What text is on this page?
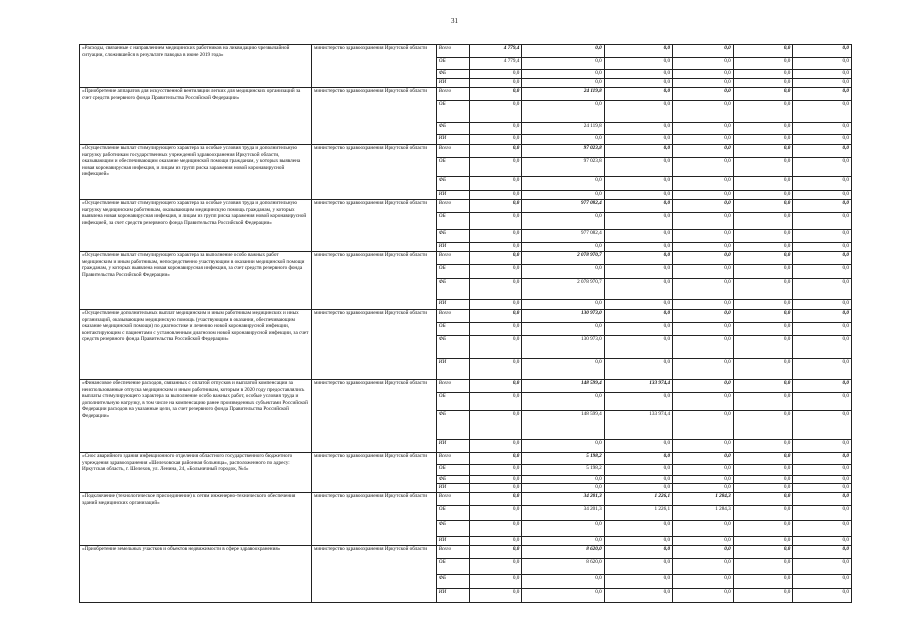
31
«Расходы, связанные с направлением медицинских работников на ликвидацию чрезвычайной ситуации, сложившейся в результате паводка в июне 2019 года»	министерство здравоохранения Иркутской области	Всего	4 779,4	0,0	0,0	0,0	0,0	0,0
		ОБ	4 779,4	0,0	0,0	0,0	0,0	0,0
		ФБ	0,0	0,0	0,0	0,0	0,0	0,0
		ИИ	0,0	0,0	0,0	0,0	0,0	0,0
«Приобретение аппаратов для искусственной вентиляции легких для медицинских организаций за счет средств резервного фонда Правительства Российской Федерации»	министерство здравоохранения Иркутской области	Всего	0,0	24 119,8	0,0	0,0	0,0	0,0
		ОБ	0,0	0,0	0,0	0,0	0,0	0,0
		ФБ	0,0	24 119,8	0,0	0,0	0,0	0,0
		ИИ	0,0	0,0	0,0	0,0	0,0	0,0
«Осуществление выплат стимулирующего характера за особые условия труда и дополнительную нагрузку работникам государственных учреждений здравоохранения Иркутской области, оказывающим и обеспечивающим оказание медицинской помощи гражданам, у которых выявлена новая коронавирусная инфекция, и лицам из групп риска заражения новой коронавирусной инфекцией»	министерство здравоохранения Иркутской области	Всего	0,0	97 023,8	0,0	0,0	0,0	0,0
		ОБ	0,0	97 023,8	0,0	0,0	0,0	0,0
		ФБ	0,0	0,0	0,0	0,0	0,0	0,0
		ИИ	0,0	0,0	0,0	0,0	0,0	0,0
«Осуществление выплат стимулирующего характера за особые условия труда и дополнительную нагрузку медицинским работникам, оказывающим медицинскую помощь гражданам, у которых выявлена новая коронавирусная инфекция, и лицам из групп риска заражения новой коронавирусной инфекцией, за счет средств резервного фонда Правительства Российской Федерации»	министерство здравоохранения Иркутской области	Всего	0,0	977 082,4	0,0	0,0	0,0	0,0
		ОБ	0,0	0,0	0,0	0,0	0,0	0,0
		ФБ	0,0	977 082,4	0,0	0,0	0,0	0,0
		ИИ	0,0	0,0	0,0	0,0	0,0	0,0
«Осуществление выплат стимулирующего характера за выполнение особо важных работ медицинским и иным работникам, непосредственно участвующим в оказании медицинской помощи гражданам, у которых выявлена новая коронавирусная инфекция, за счет средств резервного фонда Правительства Российской Федерации»	министерство здравоохранения Иркутской области	Всего	0,0	2 078 970,7	0,0	0,0	0,0	0,0
		ОБ	0,0	0,0	0,0	0,0	0,0	0,0
		ФБ	0,0	2 078 970,7	0,0	0,0	0,0	0,0
		ИИ	0,0	0,0	0,0	0,0	0,0	0,0
«Осуществление дополнительных выплат медицинским и иным работникам медицинских и иных организаций, оказывающим медицинскую помощь (участвующим в оказании, обеспечивающим оказание медицинской помощи) по диагностике и лечению новой коронавирусной инфекции, контактирующим с пациентами с установленным диагнозом новой коронавирусной инфекции, за счет средств резервного фонда Правительства Российской Федерации»	министерство здравоохранения Иркутской области	Всего	0,0	130 973,0	0,0	0,0	0,0	0,0
		ОБ	0,0	0,0	0,0	0,0	0,0	0,0
		ФБ	0,0	130 973,0	0,0	0,0	0,0	0,0
		ИИ	0,0	0,0	0,0	0,0	0,0	0,0
«Финансовое обеспечение расходов, связанных с оплатой отпусков и выплатой компенсации за неиспользованные отпуска медицинским и иным работникам, которым в 2020 году предоставлялись выплаты стимулирующего характера за выполнение особо важных работ, особые условия труда и дополнительную нагрузку, в том числе на компенсацию ранее произведенных субъектами Российской Федерации расходов на указанные цели, за счет резервного фонда Правительства Российской Федерации»	министерство здравоохранения Иркутской области	Всего	0,0	148 599,4	133 974,4	0,0	0,0	0,0
		ОБ	0,0	0,0	0,0	0,0	0,0	0,0
		ФБ	0,0	148 599,4	133 974,4	0,0	0,0	0,0
		ИИ	0,0	0,0	0,0	0,0	0,0	0,0
«Снос аварийного здания инфекционного отделения областного государственного бюджетного учреждения здравоохранения «Шелеховская районная больница», расположенного по адресу: Иркутская область, г. Шелехов, ул. Ленина, 24, «Больничный городок, №4»	министерство здравоохранения Иркутской области	Всего	0,0	5 198,2	0,0	0,0	0,0	0,0
		ОБ	0,0	5 198,2	0,0	0,0	0,0	0,0
		ФБ	0,0	0,0	0,0	0,0	0,0	0,0
		ИИ	0,0	0,0	0,0	0,0	0,0	0,0
«Подключение (технологическое присоединение) к сетям инженерно-технического обеспечения зданий медицинских организаций»	министерство здравоохранения Иркутской области	Всего	0,0	34 201,3	1 226,1	1 284,3	0,0	0,0
		ОБ	0,0	34 201,3	1 226,1	1 284,3	0,0	0,0
		ФБ	0,0	0,0	0,0	0,0	0,0	0,0
		ИИ	0,0	0,0	0,0	0,0	0,0	0,0
«Приобретение земельных участков и объектов недвижимости в сфере здравоохранения»	министерство здравоохранения Иркутской области	Всего	0,0	8 620,0	0,0	0,0	0,0	0,0
		ОБ	0,0	8 620,0	0,0	0,0	0,0	0,0
		ФБ	0,0	0,0	0,0	0,0	0,0	0,0
		ИИ	0,0	0,0	0,0	0,0	0,0	0,0
